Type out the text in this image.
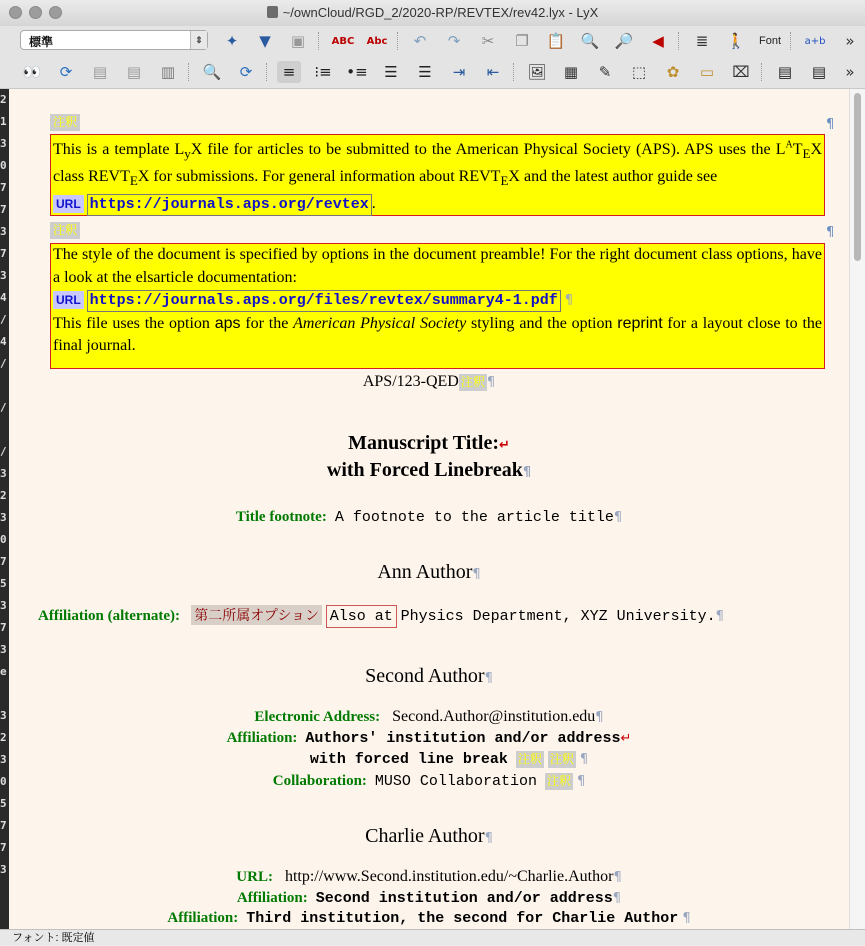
~/ownCloud/RGD_2/2020-RP/REVTEX/rev42.lyx - LyX
標準	⇕	✦	▼	▣	ABC Abc	↶	↷	✂	❐	📋 🔍 🔎	◀	≣	🚶 Font a+b »
👀	⟳	▤	▤	▥	🔍	⟳	≡	⁝≡ •≡	☰	☰	⇥	⇤	🖼	▦	✎	⬚	✿	▭	⌧	▤	▤	»
2
1
3
0
7
7
3
7
3
4
/
4
/
/
/
3
2
3
0
7
5
3
7
3
e
3
2
3
0
5
7
7
3
注釈	¶
This is a template $L_yX$ file for articles to be submitted to the American Physical Society (APS). APS uses the $L^AT_EX$ class $REVT_EX$ for submissions. For general information about $REVT_EX$ and the latest author guide see
URL https://journals.aps.org/revtex .
注釈	¶
The style of the document is specified by options in the document preamble! For the right document class options, have a look at the elsarticle documentation:
URL https://journals.aps.org/files/revtex/summary4-1.pdf ¶
This file uses the option aps for the American Physical Society styling and the option reprint for a layout close to the final journal.
APS/123-QED 注釈 ¶
Manuscript Title:↵
with Forced Linebreak¶
Title footnote: A footnote to the article title¶
Ann Author¶
Affiliation (alternate): 第二所属オプション Also at Physics Department, XYZ University.¶
Second Author¶
Electronic Address: Second.Author@institution.edu¶
Affiliation: Authors' institution and/or address↵
with forced line break 注釈 注釈 ¶
Collaboration: MUSO Collaboration 注釈 ¶
Charlie Author¶
URL: http://www.Second.institution.edu/~Charlie.Author¶
Affiliation: Second institution and/or address¶
Affiliation: Third institution, the second for Charlie Author ¶
フォント: 既定値
